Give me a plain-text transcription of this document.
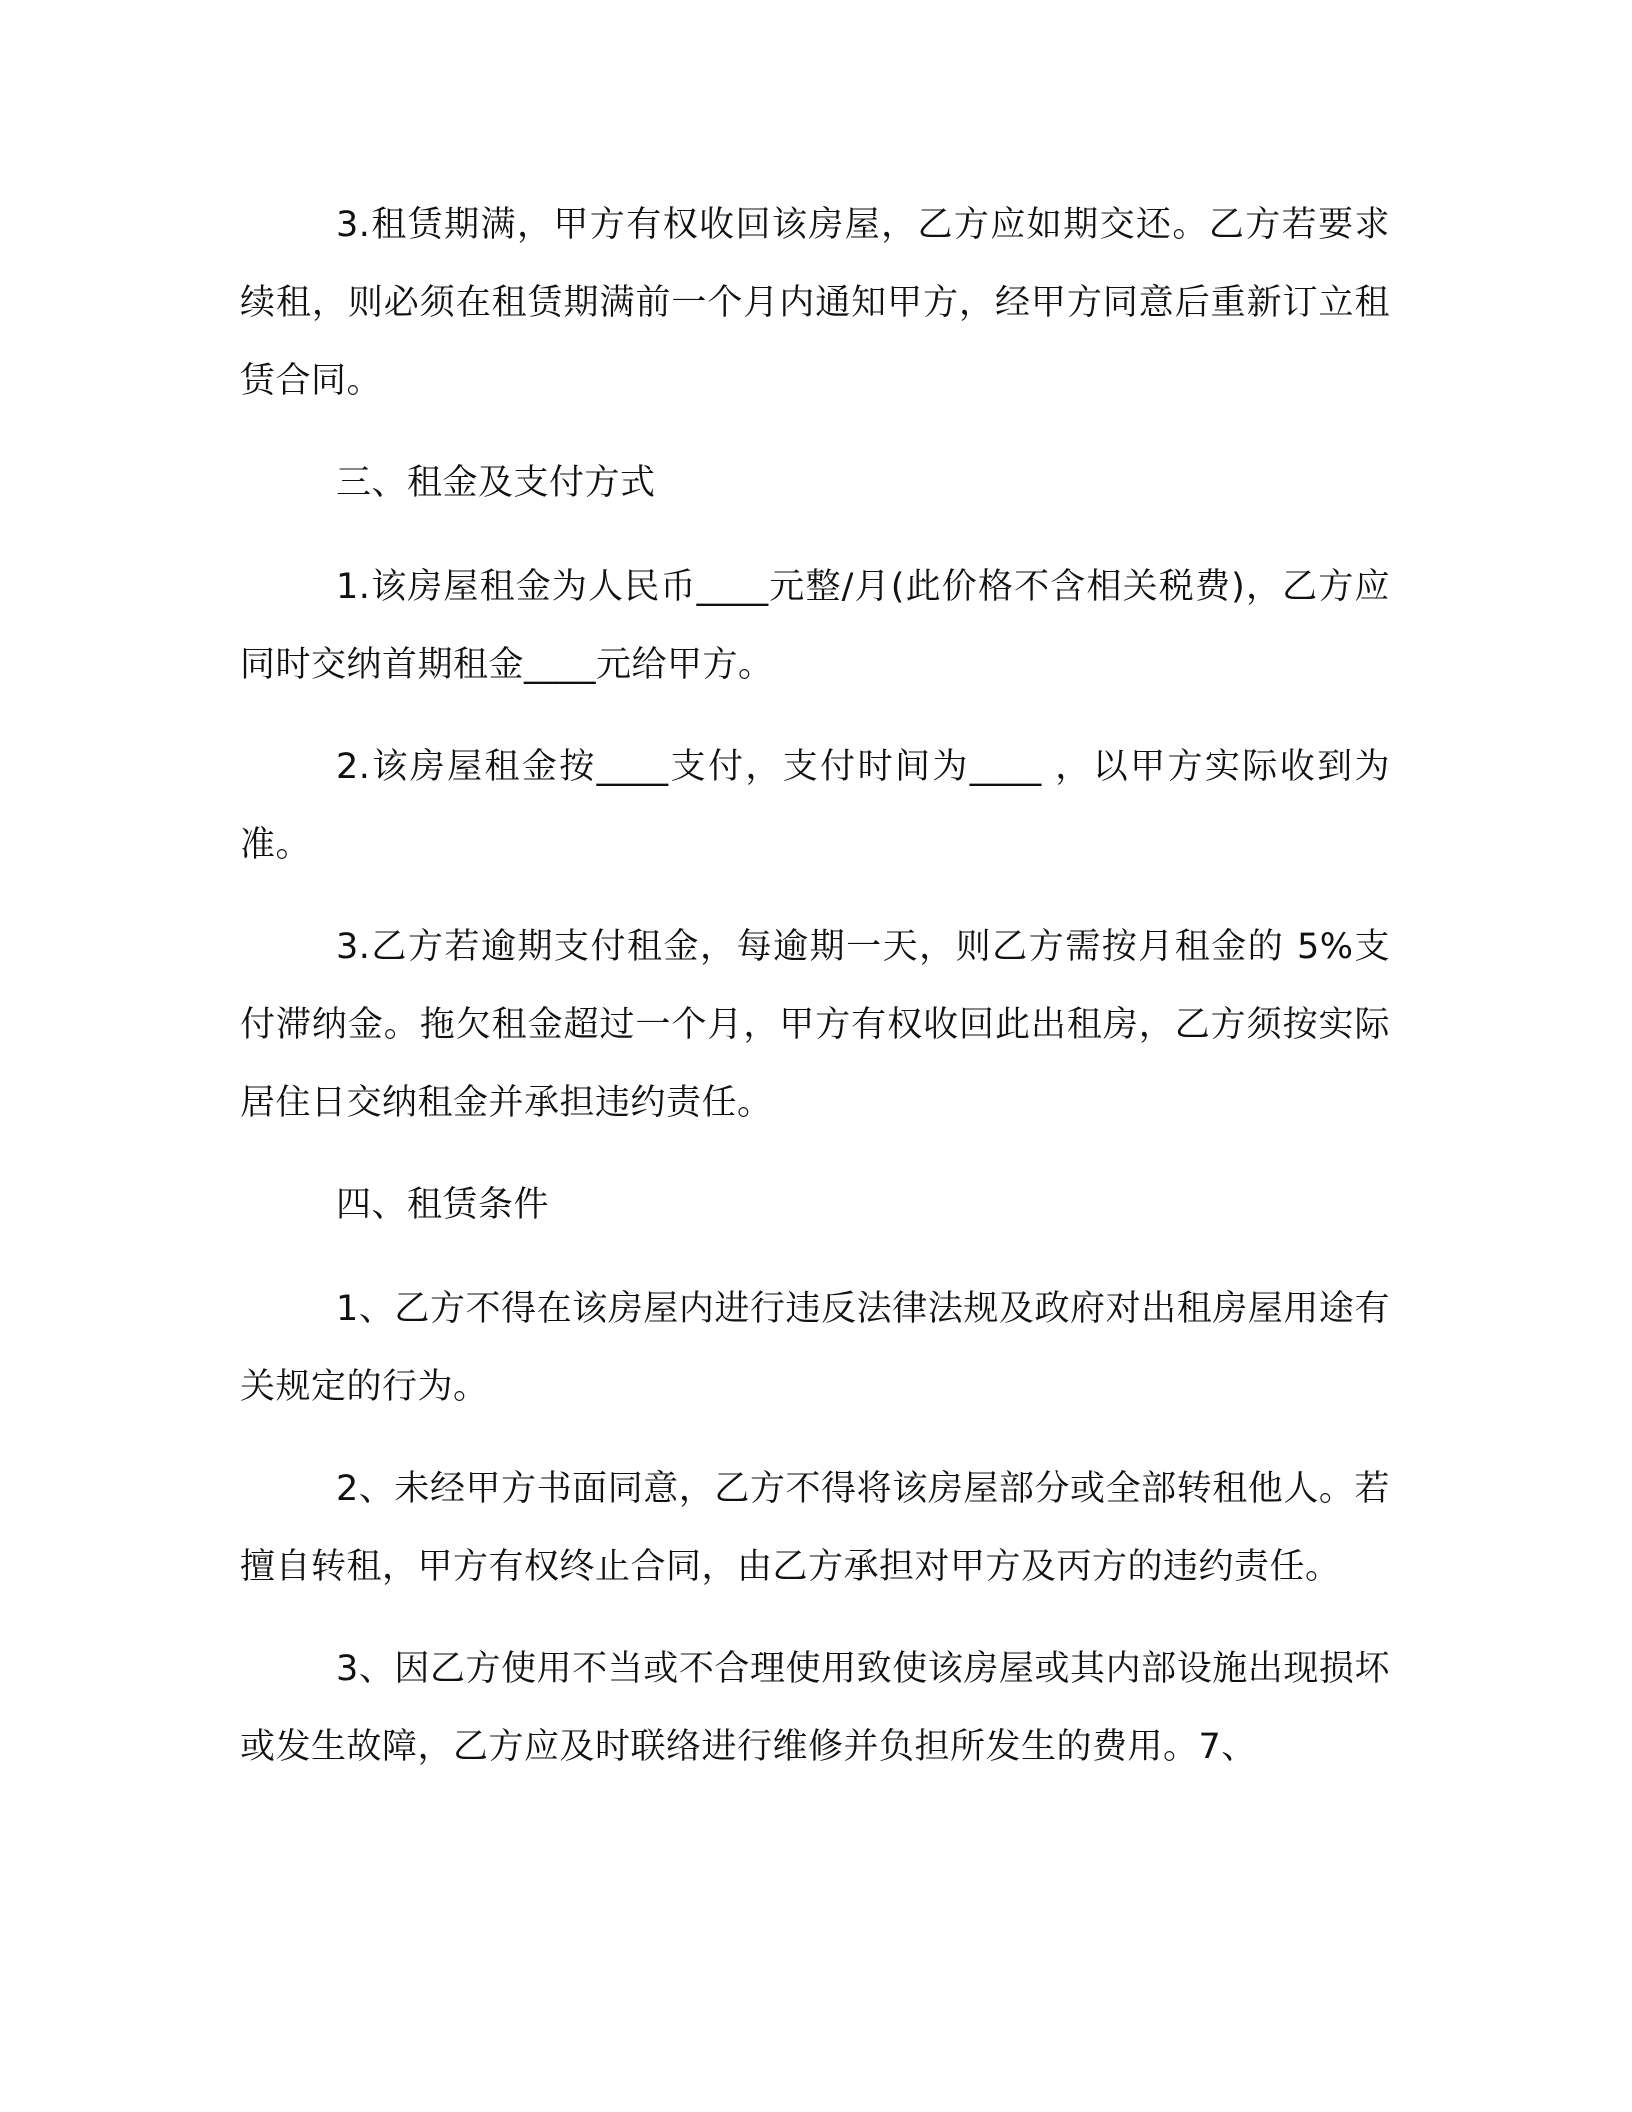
3.租赁期满，甲方有权收回该房屋，乙方应如期交还。乙方若要求续租，则必须在租赁期满前一个月内通知甲方，经甲方同意后重新订立租赁合同。

三、租金及支付方式

1.该房屋租金为人民币____元整/月(此价格不含相关税费)，乙方应同时交纳首期租金____元给甲方。

2.该房屋租金按____支付，支付时间为____ ，以甲方实际收到为准。

3.乙方若逾期支付租金，每逾期一天，则乙方需按月租金的 5%支付滞纳金。拖欠租金超过一个月，甲方有权收回此出租房，乙方须按实际居住日交纳租金并承担违约责任。

四、租赁条件

1、乙方不得在该房屋内进行违反法律法规及政府对出租房屋用途有关规定的行为。

2、未经甲方书面同意，乙方不得将该房屋部分或全部转租他人。若擅自转租，甲方有权终止合同，由乙方承担对甲方及丙方的违约责任。

3、因乙方使用不当或不合理使用致使该房屋或其内部设施出现损坏或发生故障，乙方应及时联络进行维修并负担所发生的费用。7、
